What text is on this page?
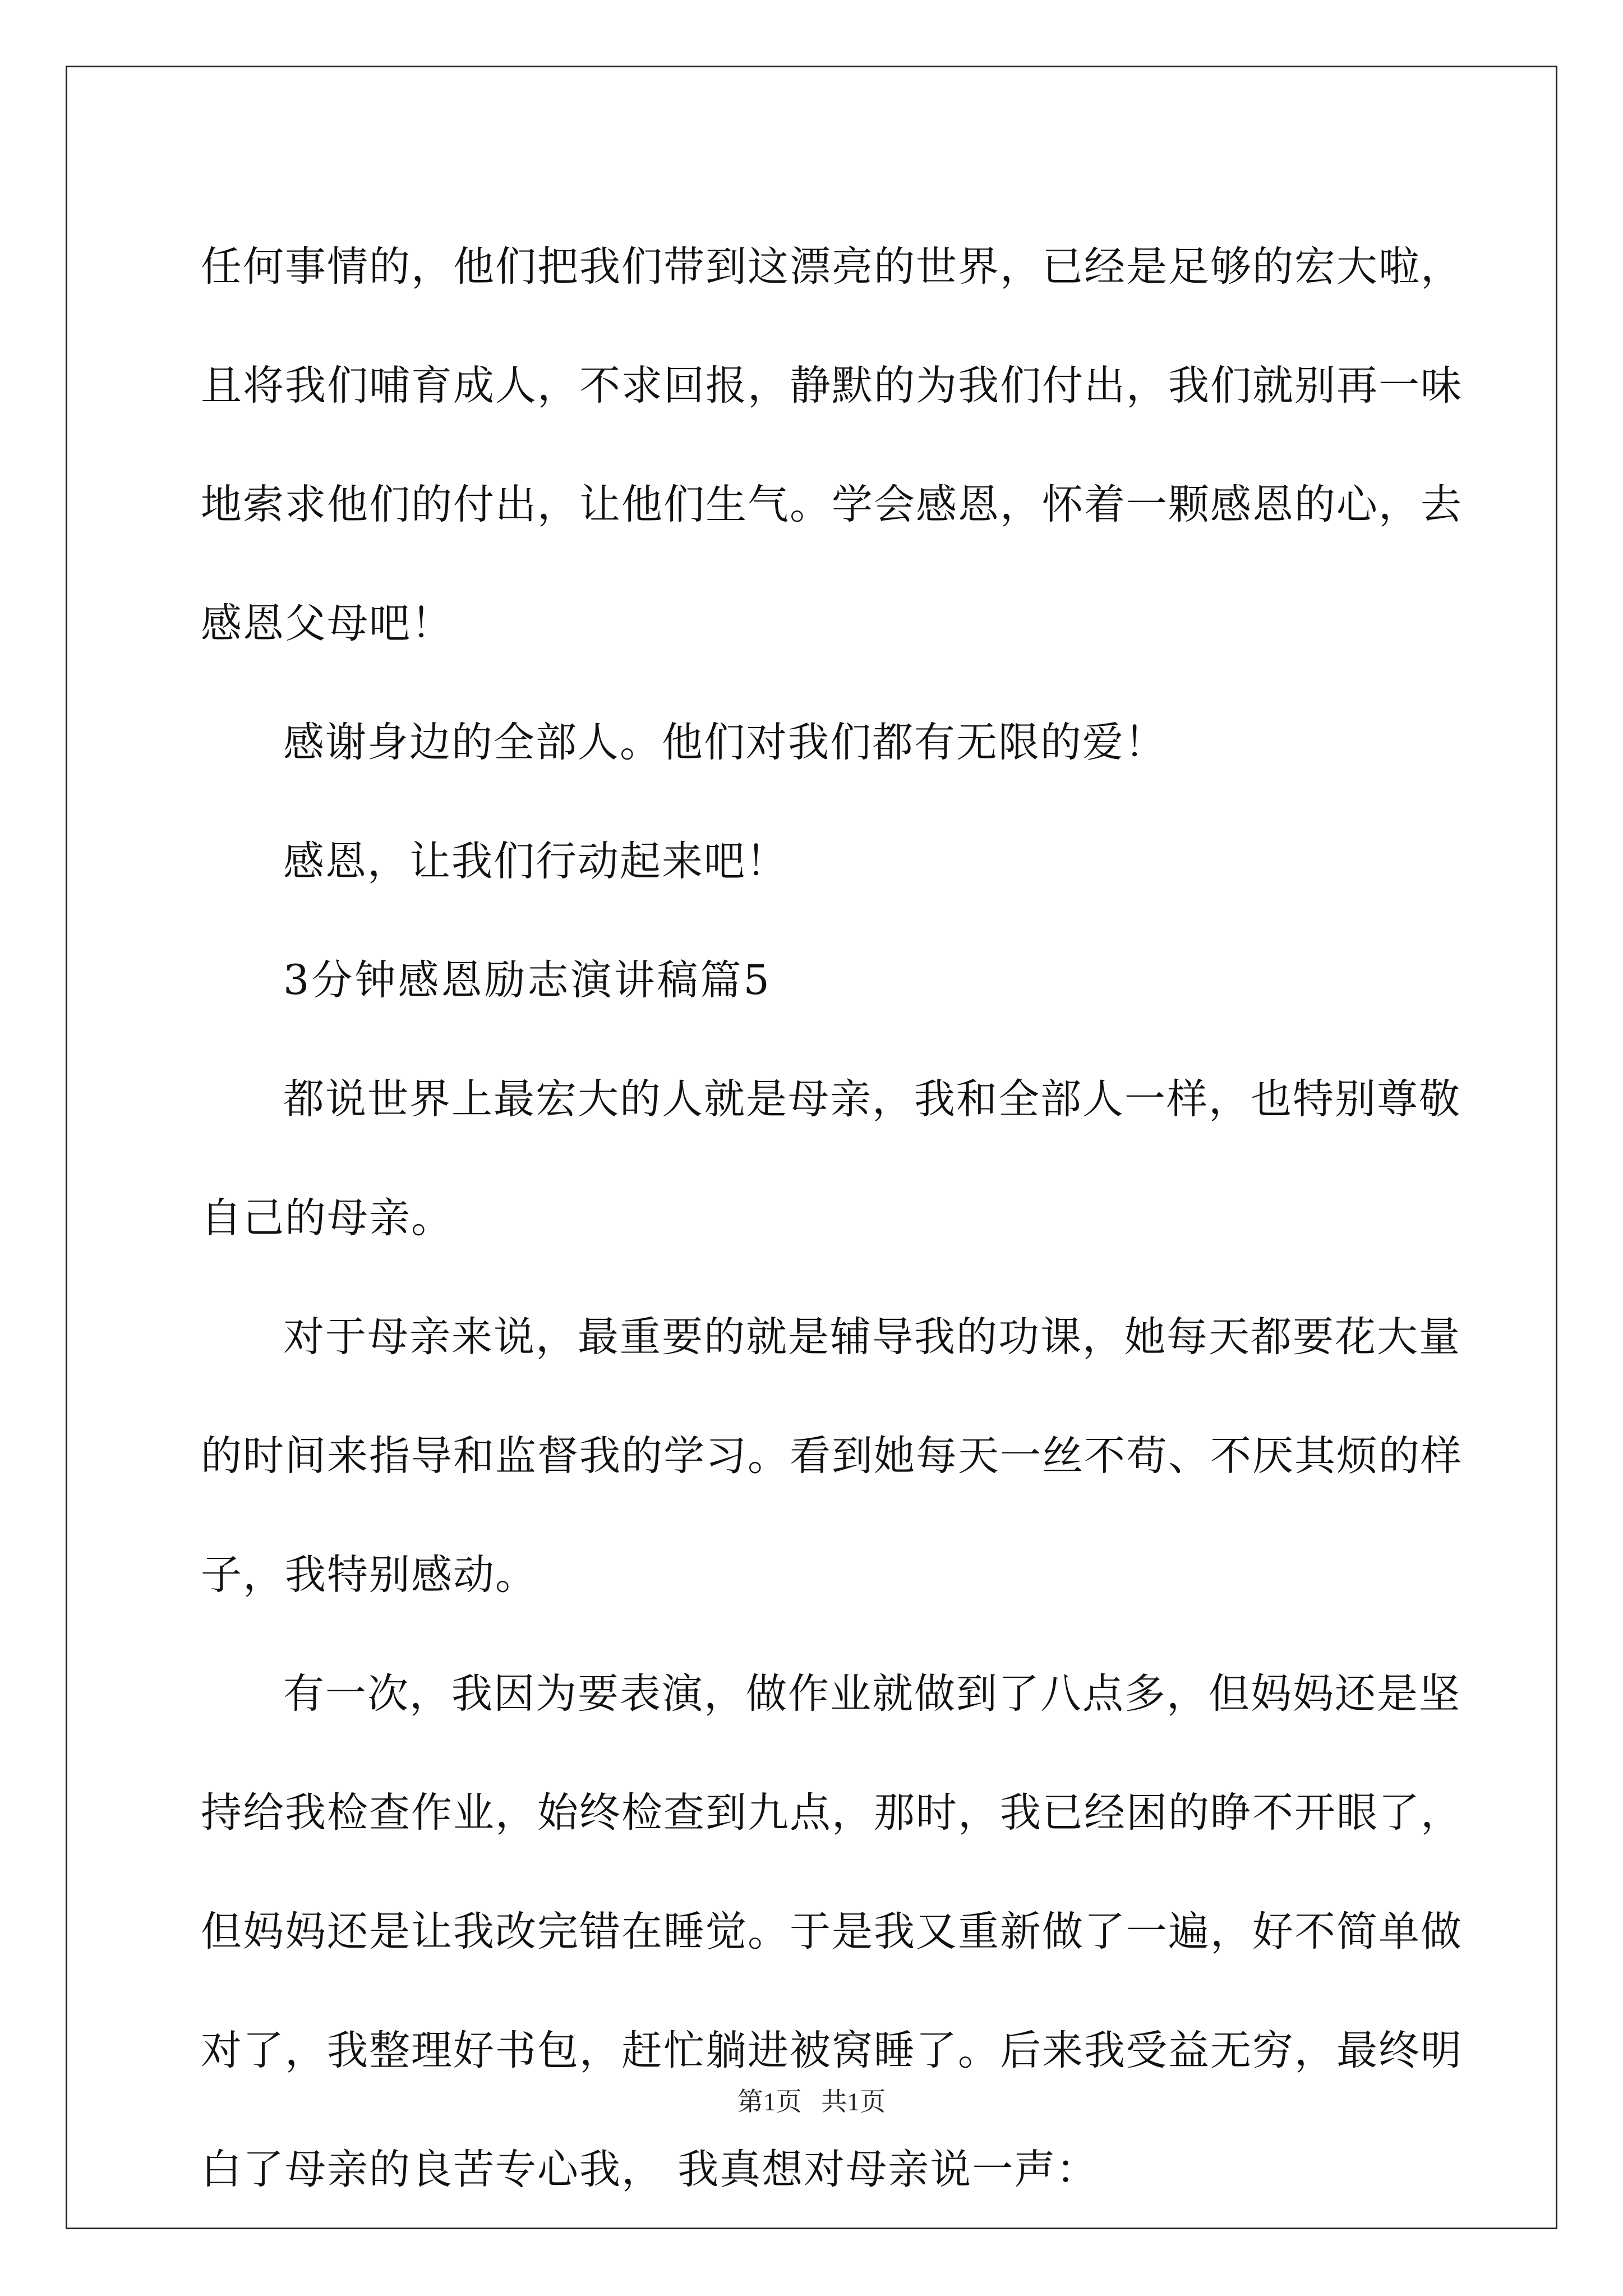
任何事情的，他们把我们带到这漂亮的世界，已经是足够的宏大啦，
且将我们哺育成人，不求回报，静默的为我们付出，我们就别再一味
地索求他们的付出，让他们生气。学会感恩，怀着一颗感恩的心，去
感恩父母吧！
感谢身边的全部人。他们对我们都有无限的爱！
感恩，让我们行动起来吧！
3分钟感恩励志演讲稿篇5
都说世界上最宏大的人就是母亲，我和全部人一样，也特别尊敬
自己的母亲。
对于母亲来说，最重要的就是辅导我的功课，她每天都要花大量
的时间来指导和监督我的学习。看到她每天一丝不苟、不厌其烦的样
子，我特别感动。
有一次，我因为要表演，做作业就做到了八点多，但妈妈还是坚
持给我检查作业，始终检查到九点，那时，我已经困的睁不开眼了，
但妈妈还是让我改完错在睡觉。于是我又重新做了一遍，好不简单做
对了，我整理好书包，赶忙躺进被窝睡了。后来我受益无穷，最终明
白了母亲的良苦专心我， 我真想对母亲说一声：
第1页   共1页
